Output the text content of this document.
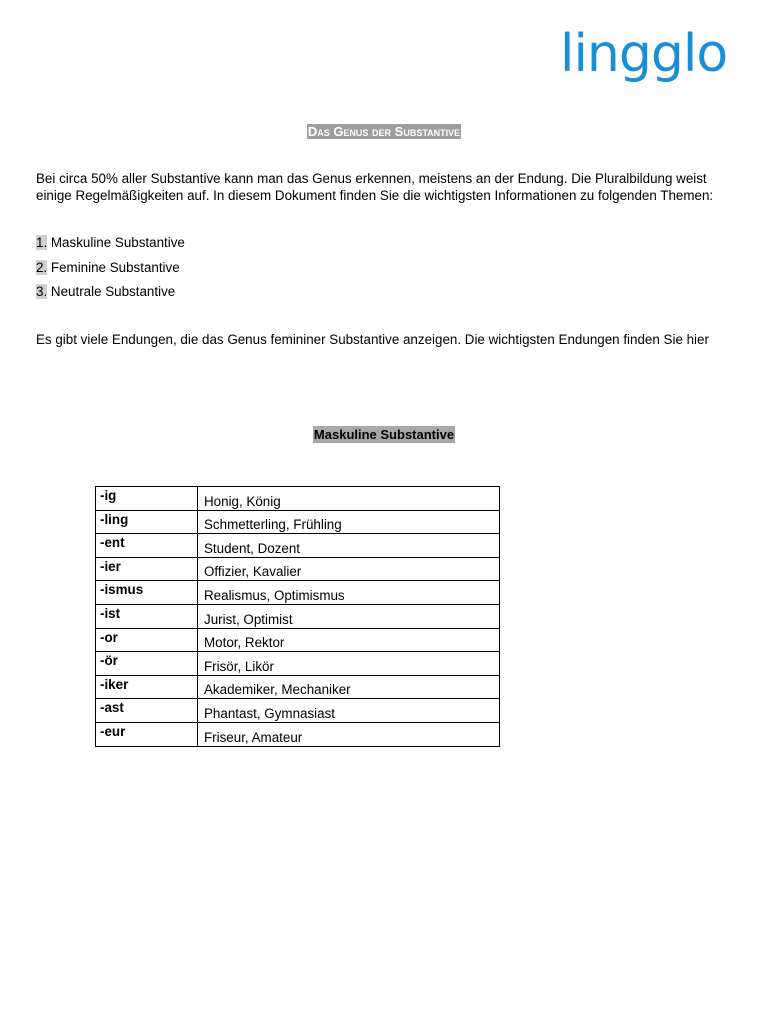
lingglo
Das Genus der Substantive

Bei circa 50% aller Substantive kann man das Genus erkennen, meistens an der Endung. Die Pluralbildung weist einige Regelmäßigkeiten auf. In diesem Dokument finden Sie die wichtigsten Informationen zu folgenden Themen:

1. Maskuline Substantive
2. Feminine Substantive
3. Neutrale Substantive

Es gibt viele Endungen, die das Genus femininer Substantive anzeigen. Die wichtigsten Endungen finden Sie hier

Maskuline Substantive
-ig	Honig, König
-ling	Schmetterling, Frühling
-ent	Student, Dozent
-ier	Offizier, Kavalier
-ismus	Realismus, Optimismus
-ist	Jurist, Optimist
-or	Motor, Rektor
-ör	Frisör, Likör
-iker	Akademiker, Mechaniker
-ast	Phantast, Gymnasiast
-eur	Friseur, Amateur
